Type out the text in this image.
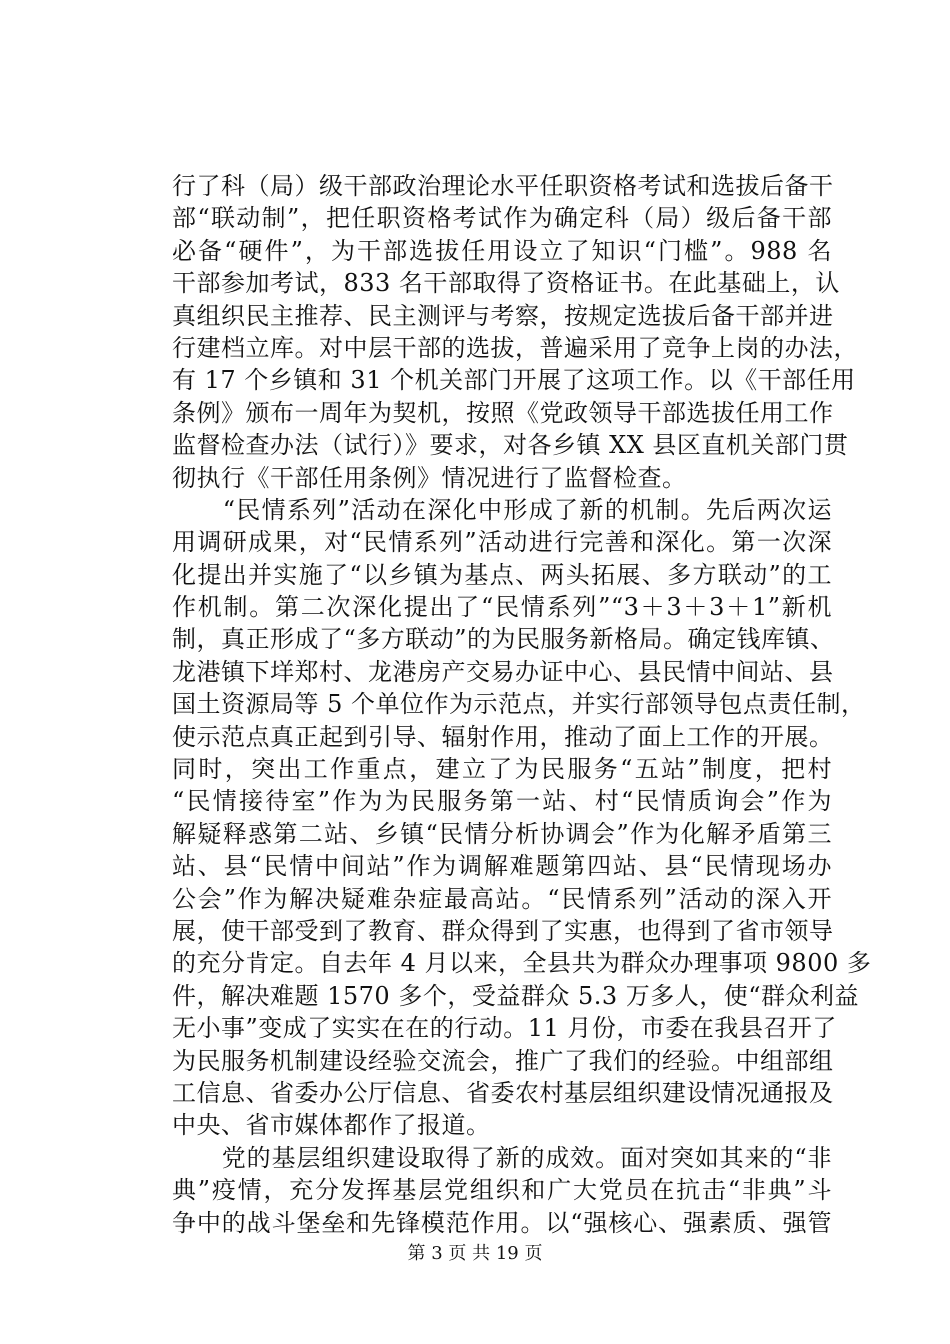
行了科（局）级干部政治理论水平任职资格考试和选拔后备干
部“联动制”，把任职资格考试作为确定科（局）级后备干部
必备“硬件”，为干部选拔任用设立了知识“门槛”。988 名
干部参加考试，833 名干部取得了资格证书。在此基础上，认
真组织民主推荐、民主测评与考察，按规定选拔后备干部并进
行建档立库。对中层干部的选拔，普遍采用了竞争上岗的办法，
有 17 个乡镇和 31 个机关部门开展了这项工作。以《干部任用
条例》颁布一周年为契机，按照《党政领导干部选拔任用工作
监督检查办法（试行）》要求，对各乡镇 XX 县区直机关部门贯
彻执行《干部任用条例》情况进行了监督检查。
　　“民情系列”活动在深化中形成了新的机制。先后两次运
用调研成果，对“民情系列”活动进行完善和深化。第一次深
化提出并实施了“以乡镇为基点、两头拓展、多方联动”的工
作机制。第二次深化提出了“民情系列”“3＋3＋3＋1”新机
制，真正形成了“多方联动”的为民服务新格局。确定钱库镇、
龙港镇下垟郑村、龙港房产交易办证中心、县民情中间站、县
国土资源局等 5 个单位作为示范点，并实行部领导包点责任制，
使示范点真正起到引导、辐射作用，推动了面上工作的开展。
同时，突出工作重点，建立了为民服务“五站”制度，把村
“民情接待室”作为为民服务第一站、村“民情质询会”作为
解疑释惑第二站、乡镇“民情分析协调会”作为化解矛盾第三
站、县“民情中间站”作为调解难题第四站、县“民情现场办
公会”作为解决疑难杂症最高站。“民情系列”活动的深入开
展，使干部受到了教育、群众得到了实惠，也得到了省市领导
的充分肯定。自去年 4 月以来，全县共为群众办理事项 9800 多
件，解决难题 1570 多个，受益群众 5.3 万多人，使“群众利益
无小事”变成了实实在在的行动。11 月份，市委在我县召开了
为民服务机制建设经验交流会，推广了我们的经验。中组部组
工信息、省委办公厅信息、省委农村基层组织建设情况通报及
中央、省市媒体都作了报道。
　　党的基层组织建设取得了新的成效。面对突如其来的“非
典”疫情，充分发挥基层党组织和广大党员在抗击“非典”斗
争中的战斗堡垒和先锋模范作用。以“强核心、强素质、强管
第 3 页 共 19 页
